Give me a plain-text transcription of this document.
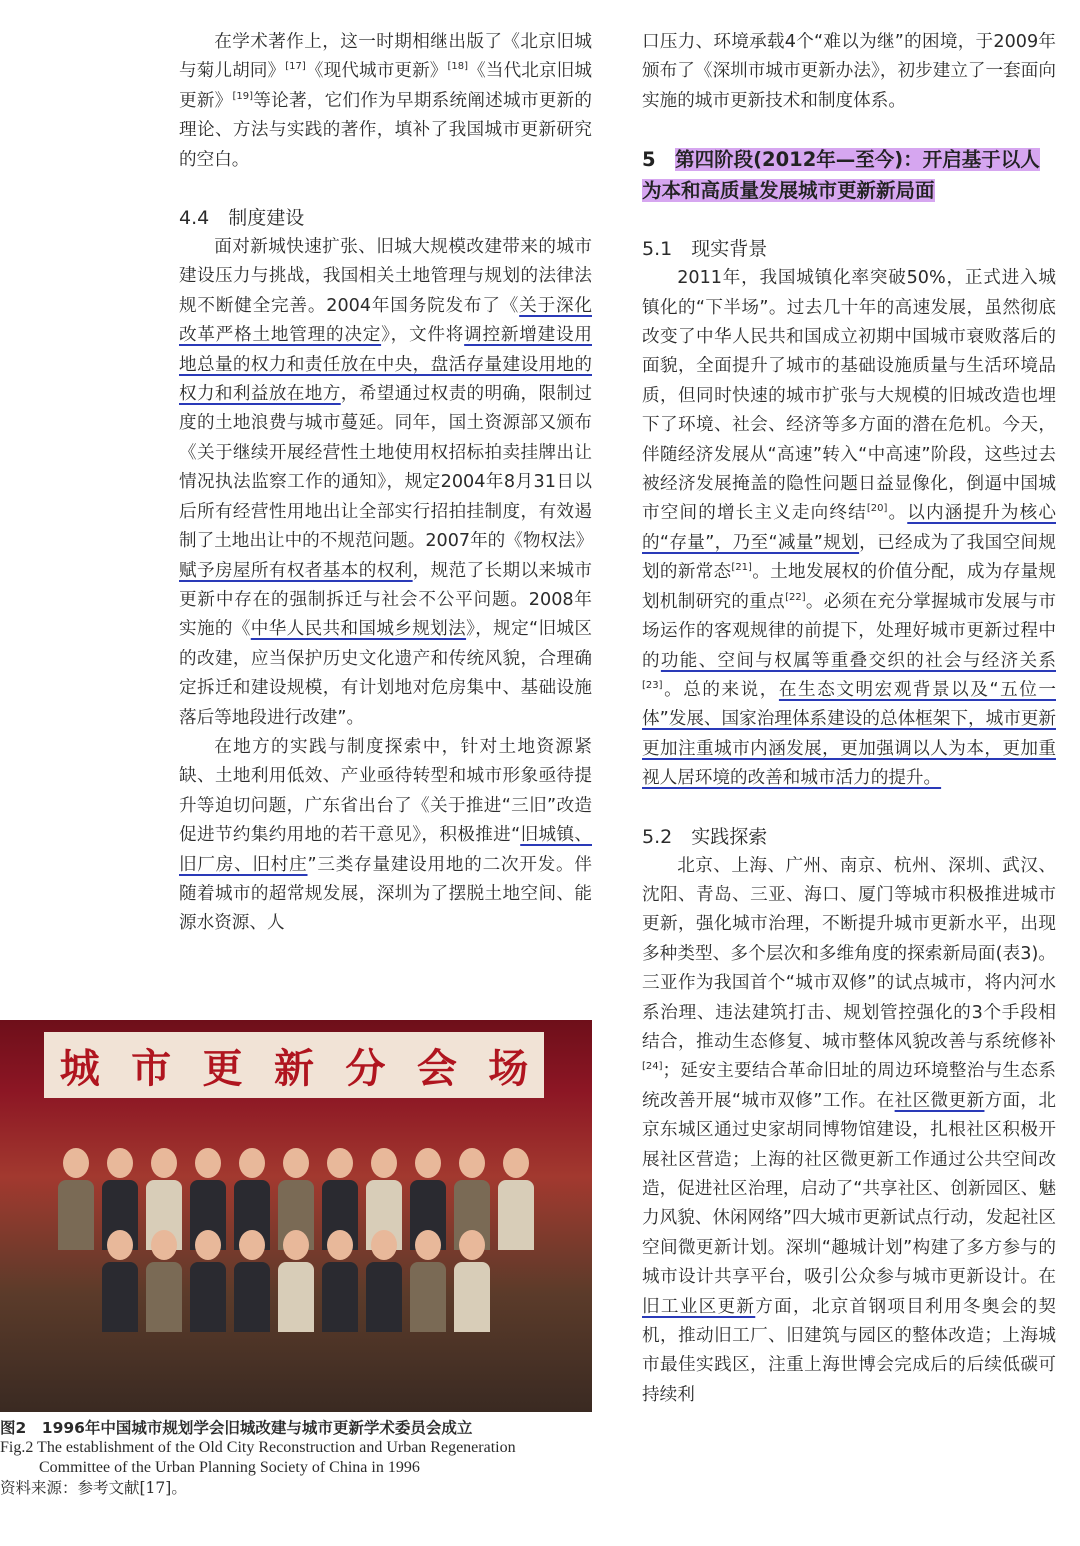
在学术著作上，这一时期相继出版了《北京旧城与菊儿胡同》[17]《现代城市更新》[18]《当代北京旧城更新》[19]等论著，它们作为早期系统阐述城市更新的理论、方法与实践的著作，填补了我国城市更新研究的空白。

4.4　制度建设

面对新城快速扩张、旧城大规模改建带来的城市建设压力与挑战，我国相关土地管理与规划的法律法规不断健全完善。2004年国务院发布了《关于深化改革严格土地管理的决定》，文件将调控新增建设用地总量的权力和责任放在中央，盘活存量建设用地的权力和利益放在地方，希望通过权责的明确，限制过度的土地浪费与城市蔓延。同年，国土资源部又颁布《关于继续开展经营性土地使用权招标拍卖挂牌出让情况执法监察工作的通知》，规定2004年8月31日以后所有经营性用地出让全部实行招拍挂制度，有效遏制了土地出让中的不规范问题。2007年的《物权法》赋予房屋所有权者基本的权利，规范了长期以来城市更新中存在的强制拆迁与社会不公平问题。2008年实施的《中华人民共和国城乡规划法》，规定“旧城区的改建，应当保护历史文化遗产和传统风貌，合理确定拆迁和建设规模，有计划地对危房集中、基础设施落后等地段进行改建”。

在地方的实践与制度探索中，针对土地资源紧缺、土地利用低效、产业亟待转型和城市形象亟待提升等迫切问题，广东省出台了《关于推进“三旧”改造促进节约集约用地的若干意见》，积极推进“旧城镇、旧厂房、旧村庄”三类存量建设用地的二次开发。伴随着城市的超常规发展，深圳为了摆脱土地空间、能源水资源、人

口压力、环境承载4个“难以为继”的困境，于2009年颁布了《深圳市城市更新办法》，初步建立了一套面向实施的城市更新技术和制度体系。

5　 第四阶段(2012年—至今)：开启基于以人为本和高质量发展城市更新新局面
5.1　现实背景

2011年，我国城镇化率突破50%，正式进入城镇化的“下半场”。过去几十年的高速发展，虽然彻底改变了中华人民共和国成立初期中国城市衰败落后的面貌，全面提升了城市的基础设施质量与生活环境品质，但同时快速的城市扩张与大规模的旧城改造也埋下了环境、社会、经济等多方面的潜在危机。今天，伴随经济发展从“高速”转入“中高速”阶段，这些过去被经济发展掩盖的隐性问题日益显像化，倒逼中国城市空间的增长主义走向终结[20]。以内涵提升为核心的“存量”，乃至“减量”规划，已经成为了我国空间规划的新常态[21]。土地发展权的价值分配，成为存量规划机制研究的重点[22]。必须在充分掌握城市发展与市场运作的客观规律的前提下，处理好城市更新过程中的功能、空间与权属等重叠交织的社会与经济关系[23]。总的来说，在生态文明宏观背景以及“五位一体”发展、国家治理体系建设的总体框架下，城市更新更加注重城市内涵发展，更加强调以人为本，更加重视人居环境的改善和城市活力的提升。

5.2　实践探索

北京、上海、广州、南京、杭州、深圳、武汉、沈阳、青岛、三亚、海口、厦门等城市积极推进城市更新，强化城市治理，不断提升城市更新水平，出现多种类型、多个层次和多维角度的探索新局面(表3)。三亚作为我国首个“城市双修”的试点城市，将内河水系治理、违法建筑打击、规划管控强化的3个手段相结合，推动生态修复、城市整体风貌改善与系统修补[24]；延安主要结合革命旧址的周边环境整治与生态系统改善开展“城市双修”工作。在社区微更新方面，北京东城区通过史家胡同博物馆建设，扎根社区积极开展社区营造；上海的社区微更新工作通过公共空间改造，促进社区治理，启动了“共享社区、创新园区、魅力风貌、休闲网络”四大城市更新试点行动，发起社区空间微更新计划。深圳“趣城计划”构建了多方参与的城市设计共享平台，吸引公众参与城市更新设计。在旧工业区更新方面，北京首钢项目利用冬奥会的契机，推动旧工厂、旧建筑与园区的整体改造；上海城市最佳实践区，注重上海世博会完成后的后续低碳可持续利

城 市 更 新 分 会 场
图2　1996年中国城市规划学会旧城改建与城市更新学术委员会成立
Fig.2 The establishment of the Old City Reconstruction and Urban Regeneration
Committee of the Urban Planning Society of China in 1996
资料来源：参考文献[17]。
